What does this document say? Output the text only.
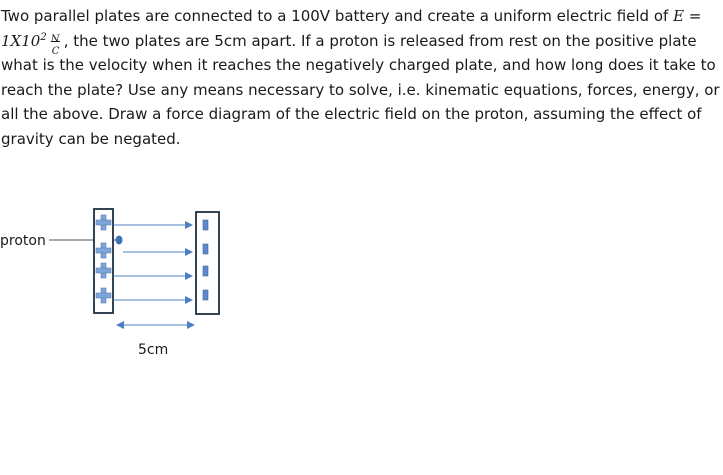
Two parallel plates are connected to a 100V battery and create a uniform electric field of E =
$1X10^2$ N
C
, the two plates are 5cm apart. If a proton is released from rest on the positive plate
what is the velocity when it reaches the negatively charged plate, and how long does it take to
reach the plate? Use any means necessary to solve, i.e. kinematic equations, forces, energy, or
all the above. Draw a force diagram of the electric field on the proton, assuming the effect of
gravity can be negated.
proton
5cm
